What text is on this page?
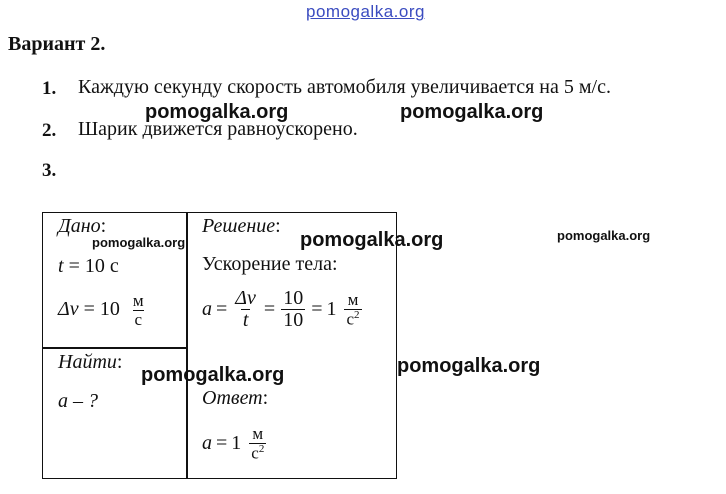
pomogalka.org
Вариант 2.
1. Каждую секунду скорость автомобиля увеличивается на 5 м/с.
2. Шарик движется равноускорено.
3.
Дано:
t = 10 с
$\Delta v = 10 \frac{м}{с}$
Найти:
a – ?
Решение:
Ускорение тела:
$a = \frac{\Delta v}{t} = \frac{10}{10} = 1 \frac{м}{с^2}$
Ответ:
$a = 1 \frac{м}{с^2}$
pomogalka.org	pomogalka.org
pomogalka.org	pomogalka.org	pomogalka.org
pomogalka.org
pomogalka.org
